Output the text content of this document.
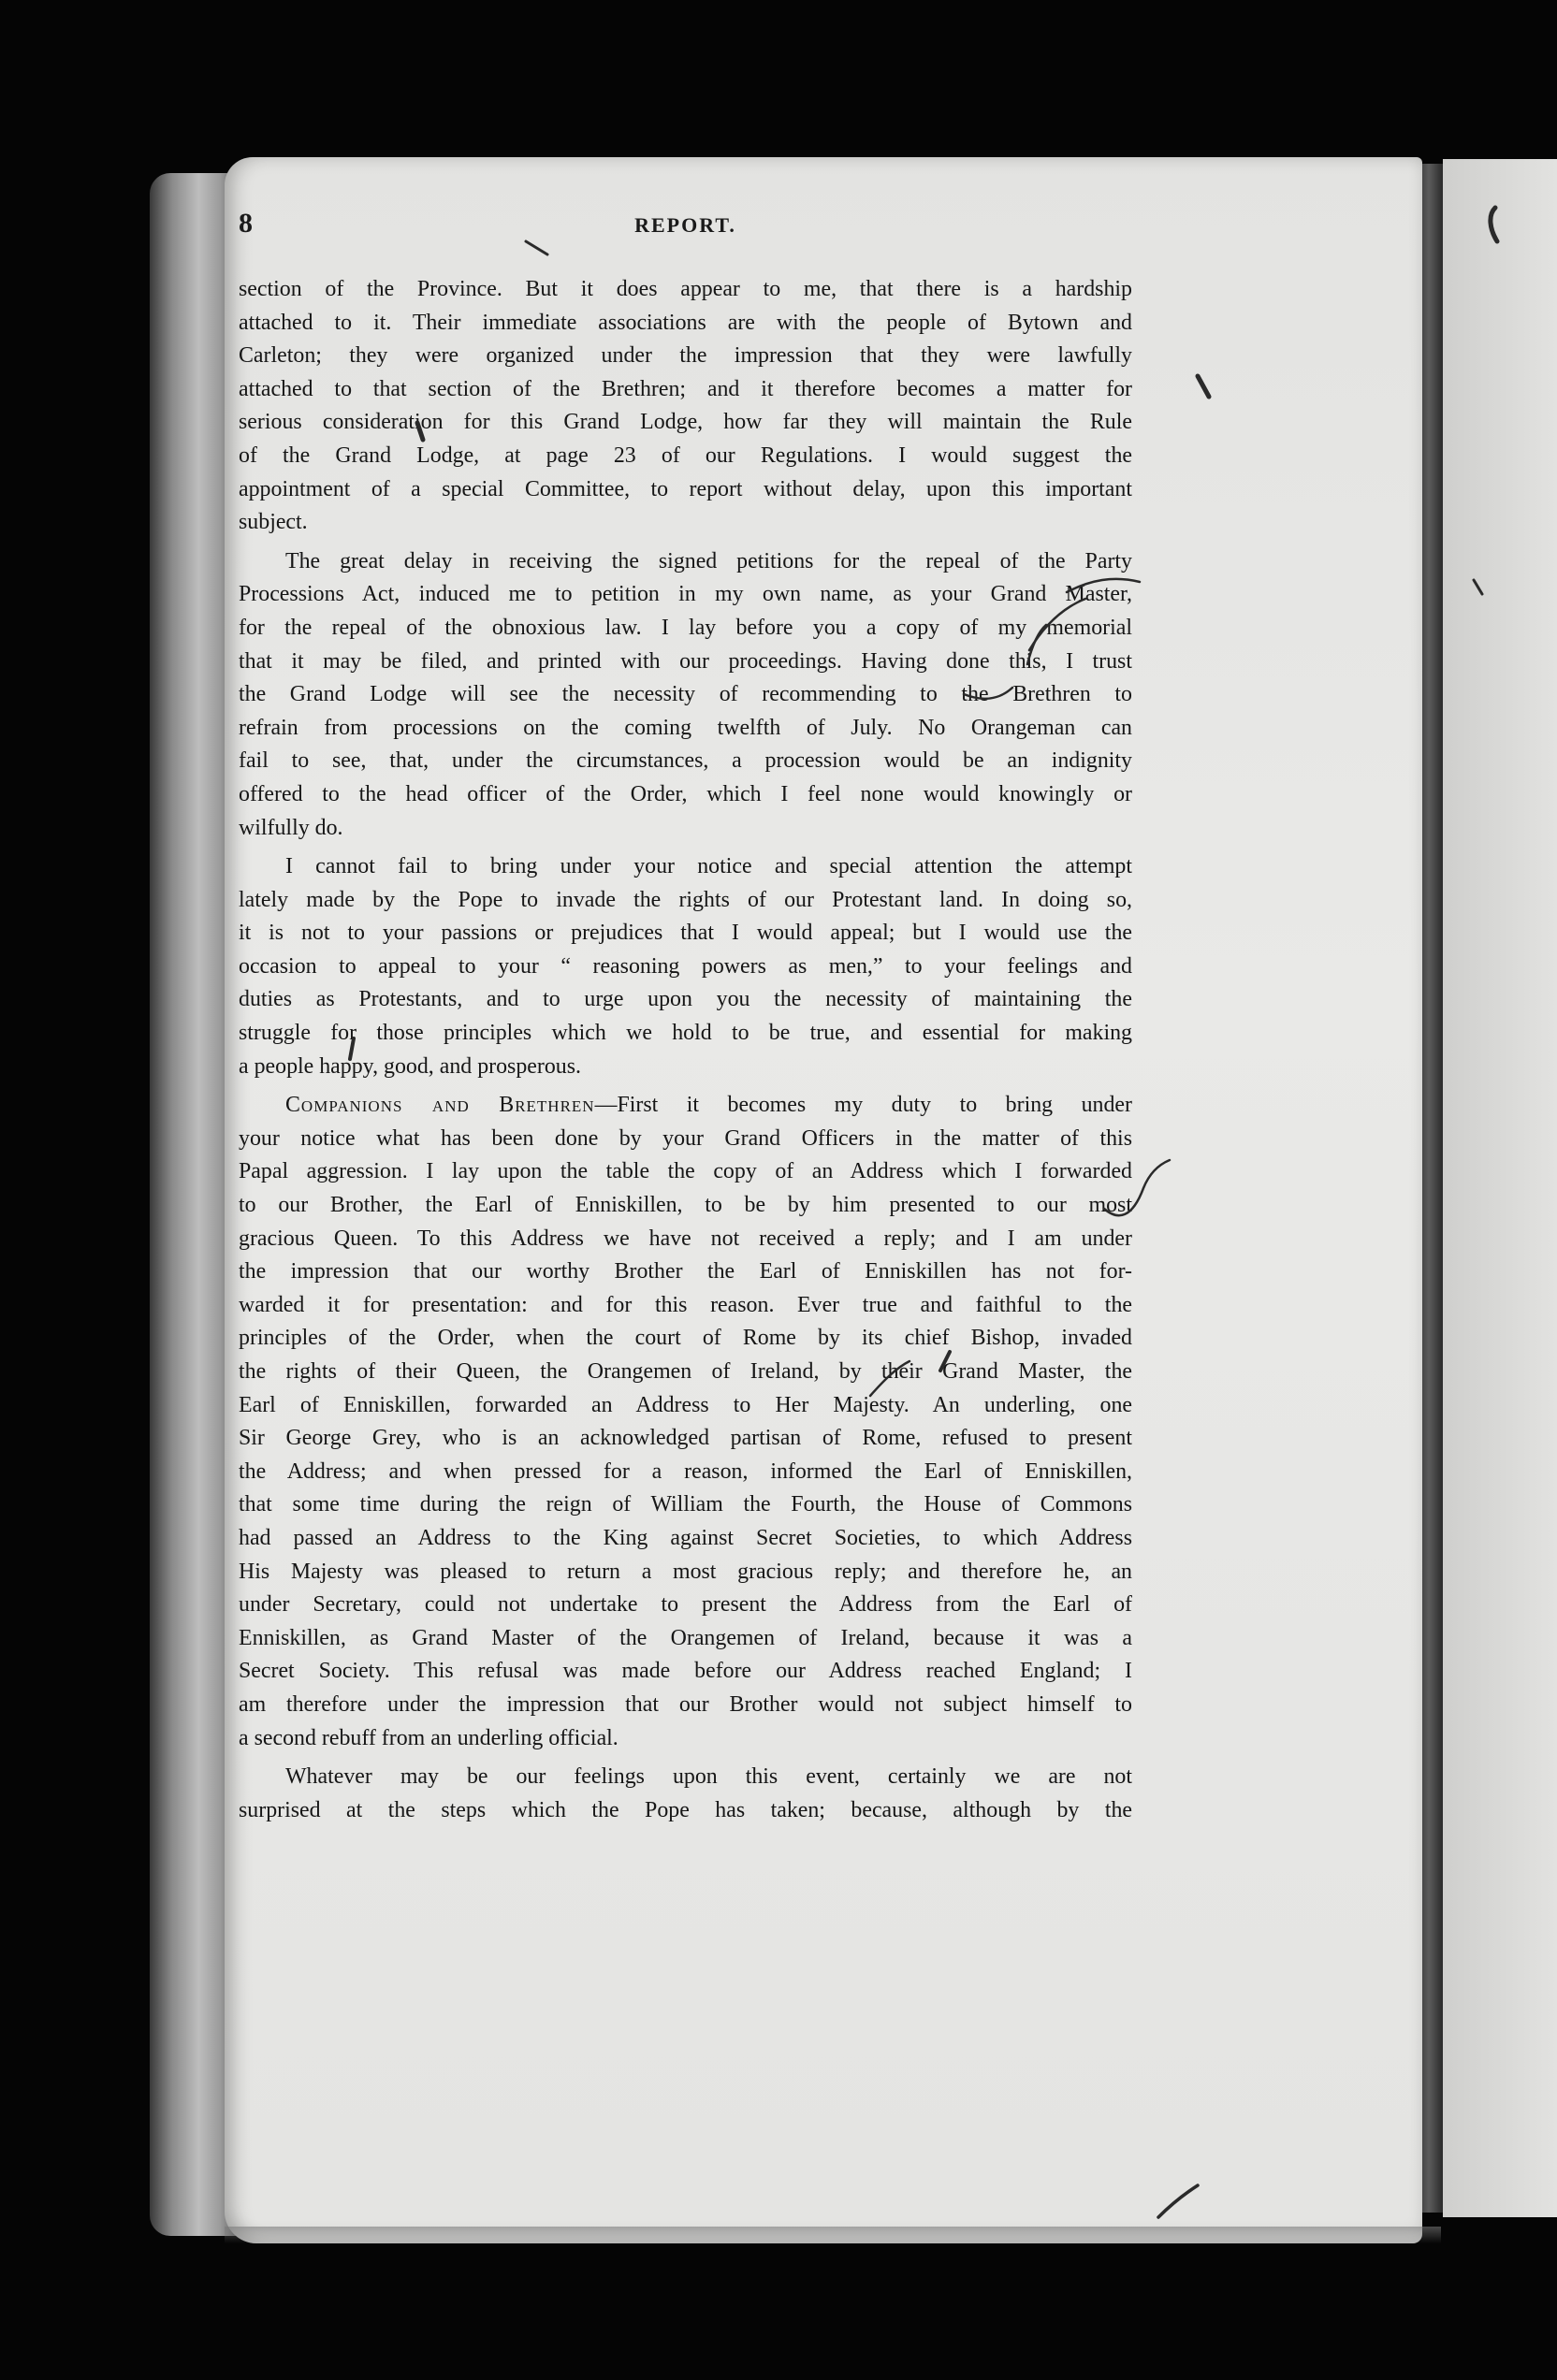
8	REPORT.
section of the Province. But it does appear to me, that there is a hardship
attached to it. Their immediate associations are with the people of Bytown and
Carleton; they were organized under the impression that they were lawfully
attached to that section of the Brethren; and it therefore becomes a matter for
serious consideration for this Grand Lodge, how far they will maintain the Rule
of the Grand Lodge, at page 23 of our Regulations. I would suggest the
appointment of a special Committee, to report without delay, upon this important
subject.
The great delay in receiving the signed petitions for the repeal of the Party
Processions Act, induced me to petition in my own name, as your Grand Master,
for the repeal of the obnoxious law. I lay before you a copy of my memorial
that it may be filed, and printed with our proceedings. Having done this, I trust
the Grand Lodge will see the necessity of recommending to the Brethren to
refrain from processions on the coming twelfth of July. No Orangeman can
fail to see, that, under the circumstances, a procession would be an indignity
offered to the head officer of the Order, which I feel none would knowingly or
wilfully do.
I cannot fail to bring under your notice and special attention the attempt
lately made by the Pope to invade the rights of our Protestant land. In doing so,
it is not to your passions or prejudices that I would appeal; but I would use the
occasion to appeal to your “ reasoning powers as men,” to your feelings and
duties as Protestants, and to urge upon you the necessity of maintaining the
struggle for those principles which we hold to be true, and essential for making
a people happy, good, and prosperous.
Companions and Brethren—First it becomes my duty to bring under
your notice what has been done by your Grand Officers in the matter of this
Papal aggression. I lay upon the table the copy of an Address which I forwarded
to our Brother, the Earl of Enniskillen, to be by him presented to our most
gracious Queen. To this Address we have not received a reply; and I am under
the impression that our worthy Brother the Earl of Enniskillen has not for-
warded it for presentation: and for this reason. Ever true and faithful to the
principles of the Order, when the court of Rome by its chief Bishop, invaded
the rights of their Queen, the Orangemen of Ireland, by their Grand Master, the
Earl of Enniskillen, forwarded an Address to Her Majesty. An underling, one
Sir George Grey, who is an acknowledged partisan of Rome, refused to present
the Address; and when pressed for a reason, informed the Earl of Enniskillen,
that some time during the reign of William the Fourth, the House of Commons
had passed an Address to the King against Secret Societies, to which Address
His Majesty was pleased to return a most gracious reply; and therefore he, an
under Secretary, could not undertake to present the Address from the Earl of
Enniskillen, as Grand Master of the Orangemen of Ireland, because it was a
Secret Society. This refusal was made before our Address reached England; I
am therefore under the impression that our Brother would not subject himself to
a second rebuff from an underling official.
Whatever may be our feelings upon this event, certainly we are not
surprised at the steps which the Pope has taken; because, although by the
